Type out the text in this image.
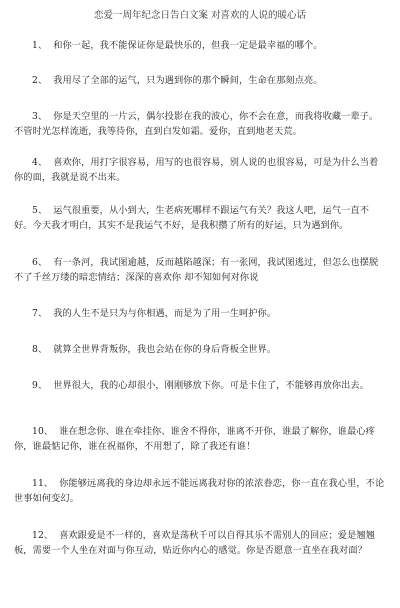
恋爱一周年纪念日告白文案 对喜欢的人说的暖心话
1、 和你一起，我不能保证你是最快乐的，但我一定是最幸福的哪个。
2、 我用尽了全部的运气，只为遇到你的那个瞬间，生命在那刻点亮。
3、 你是天空里的一片云，偶尔投影在我的波心，你不会在意，而我将收藏一辈子。不管时光怎样流逝，我等待你，直到白发如霜。爱你，直到地老天荒。
4、 喜欢你，用打字很容易，用写的也很容易，别人说的也很容易，可是为什么当着你的面，我就是说不出来。
5、 运气很重要，从小到大，生老病死哪样不跟运气有关？我这人吧，运气一直不好。今天我才明白，其实不是我运气不好，是我积攒了所有的好运，只为遇到你。
6、 有一条河，我试图逾越，反而越陷越深；有一张网，我试图逃过，但怎么也摆脱不了千丝万缕的暗恋情结；深深的喜欢你 却不知如何对你说
7、 我的人生不是只为与你相遇，而是为了用一生呵护你。
8、 就算全世界背叛你，我也会站在你的身后背板全世界。
9、 世界很大，我的心却很小，刚刚够放下你。可是卡住了，不能够再放你出去。
10、 谁在想念你、谁在牵挂你、谁舍不得你，谁离不开你，谁最了解你，谁最心疼你，谁最惦记你，谁在祝福你，不用想了，除了我还有谁！
11、 你能够远离我的身边却永远不能远离我对你的浓浓眷恋，你一直在我心里，不论世事如何变幻。
12、 喜欢跟爱是不一样的，喜欢是荡秋千可以自得其乐不需别人的回应；爱是翘翘板，需要一个人坐在对面与你互动，贴近你内心的感觉。你是否愿意一直坐在我对面？
